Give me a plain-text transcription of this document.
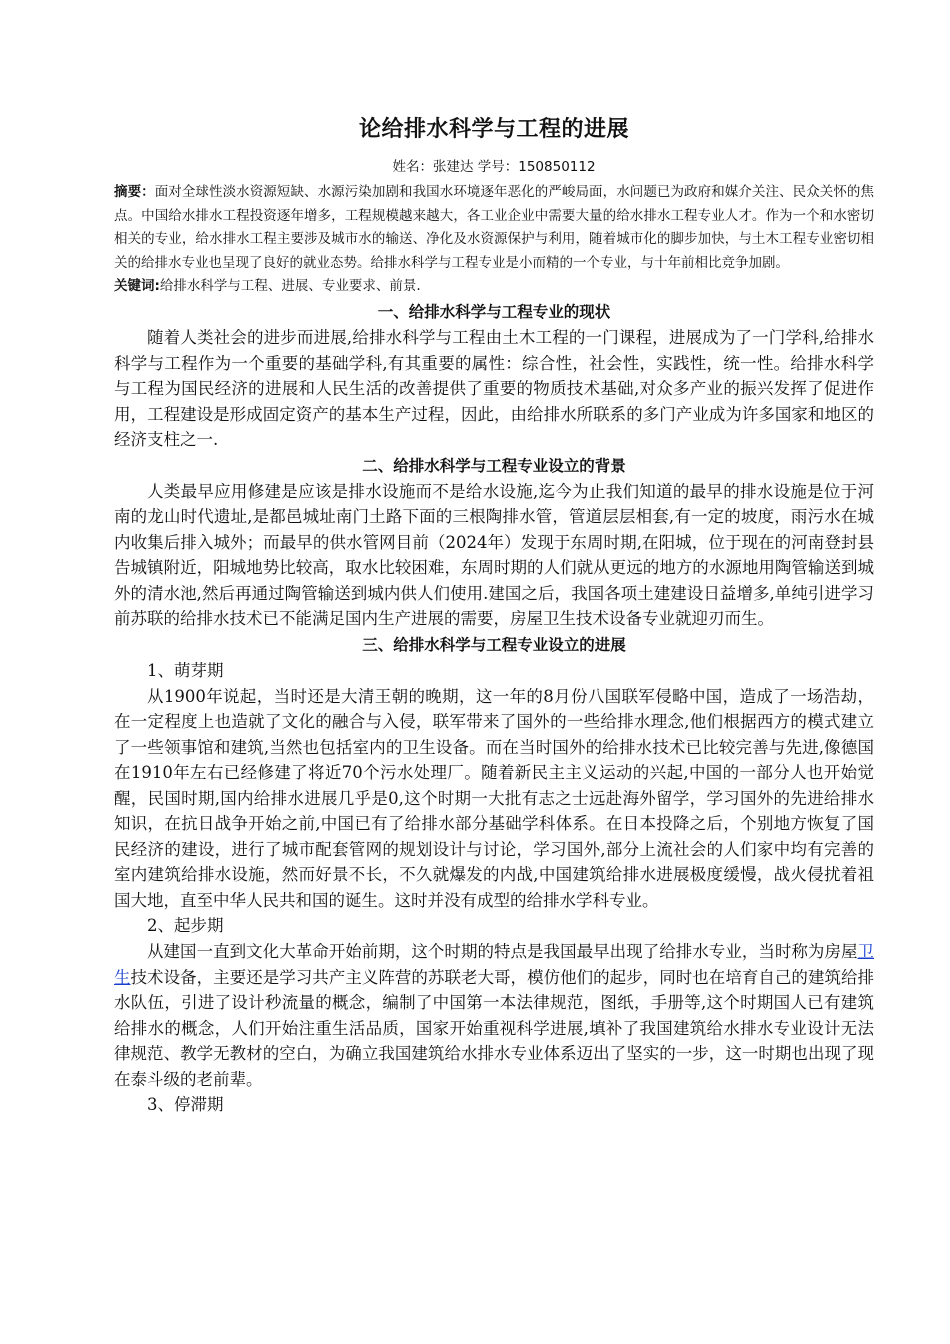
论给排水科学与工程的进展

姓名：张建达 学号：150850112

摘要：面对全球性淡水资源短缺、水源污染加剧和我国水环境逐年恶化的严峻局面，水问题已为政府和媒介关注、民众关怀的焦点。中国给水排水工程投资逐年增多，工程规模越来越大，各工业企业中需要大量的给水排水工程专业人才。作为一个和水密切相关的专业，给水排水工程主要涉及城市水的输送、净化及水资源保护与利用，随着城市化的脚步加快，与土木工程专业密切相关的给排水专业也呈现了良好的就业态势。给排水科学与工程专业是小而精的一个专业，与十年前相比竞争加剧。

关键词:给排水科学与工程、进展、专业要求、前景.

一、给排水科学与工程专业的现状

随着人类社会的进步而进展,给排水科学与工程由土木工程的一门课程，进展成为了一门学科,给排水科学与工程作为一个重要的基础学科,有其重要的属性：综合性，社会性，实践性，统一性。给排水科学与工程为国民经济的进展和人民生活的改善提供了重要的物质技术基础,对众多产业的振兴发挥了促进作用，工程建设是形成固定资产的基本生产过程，因此，由给排水所联系的多门产业成为许多国家和地区的经济支柱之一.

二、给排水科学与工程专业设立的背景

人类最早应用修建是应该是排水设施而不是给水设施,迄今为止我们知道的最早的排水设施是位于河南的龙山时代遗址,是都邑城址南门土路下面的三根陶排水管，管道层层相套,有一定的坡度，雨污水在城内收集后排入城外；而最早的供水管网目前（2024年）发现于东周时期,在阳城，位于现在的河南登封县告城镇附近，阳城地势比较高，取水比较困难，东周时期的人们就从更远的地方的水源地用陶管输送到城外的清水池,然后再通过陶管输送到城内供人们使用.建国之后，我国各项土建建设日益增多,单纯引进学习前苏联的给排水技术已不能满足国内生产进展的需要，房屋卫生技术设备专业就迎刃而生。

三、给排水科学与工程专业设立的进展

1、萌芽期

从1900年说起，当时还是大清王朝的晚期，这一年的8月份八国联军侵略中国，造成了一场浩劫，在一定程度上也造就了文化的融合与入侵，联军带来了国外的一些给排水理念,他们根据西方的模式建立了一些领事馆和建筑,当然也包括室内的卫生设备。而在当时国外的给排水技术已比较完善与先进,像德国在1910年左右已经修建了将近70个污水处理厂。随着新民主主义运动的兴起,中国的一部分人也开始觉醒，民国时期,国内给排水进展几乎是0,这个时期一大批有志之士远赴海外留学，学习国外的先进给排水知识，在抗日战争开始之前,中国已有了给排水部分基础学科体系。在日本投降之后，个别地方恢复了国民经济的建设，进行了城市配套管网的规划设计与讨论，学习国外,部分上流社会的人们家中均有完善的室内建筑给排水设施，然而好景不长，不久就爆发的内战,中国建筑给排水进展极度缓慢，战火侵扰着祖国大地，直至中华人民共和国的诞生。这时并没有成型的给排水学科专业。

2、起步期

从建国一直到文化大革命开始前期，这个时期的特点是我国最早出现了给排水专业，当时称为房屋卫生技术设备，主要还是学习共产主义阵营的苏联老大哥，模仿他们的起步，同时也在培育自己的建筑给排水队伍，引进了设计秒流量的概念，编制了中国第一本法律规范，图纸，手册等,这个时期国人已有建筑给排水的概念，人们开始注重生活品质，国家开始重视科学进展,填补了我国建筑给水排水专业设计无法律规范、教学无教材的空白，为确立我国建筑给水排水专业体系迈出了坚实的一步，这一时期也出现了现在泰斗级的老前辈。

3、停滞期
